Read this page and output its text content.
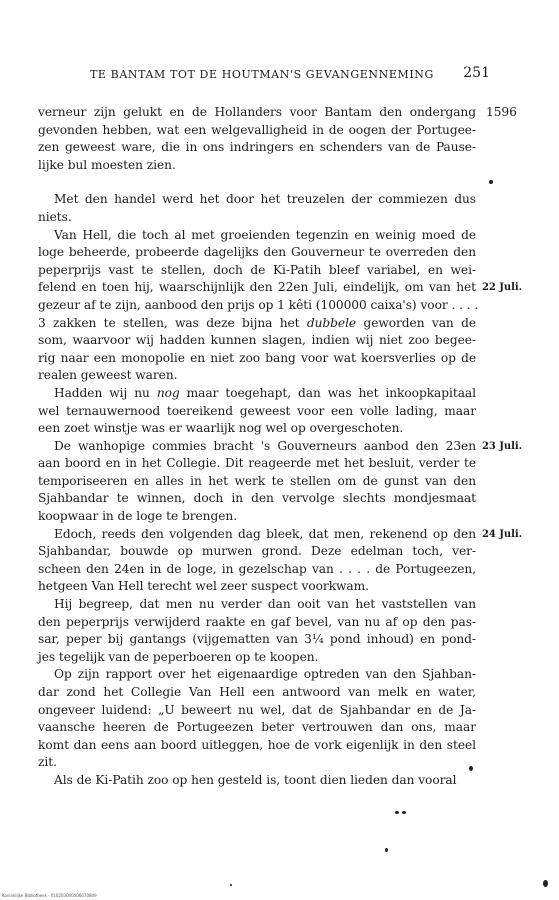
TE BANTAM TOT DE HOUTMAN'S GEVANGENNEMING 251
verneur zijn gelukt en de Hollanders voor Bantam den ondergang 1596
gevonden hebben, wat een welgevalligheid in de oogen der Portugee-
zen geweest ware, die in ons indringers en schenders van de Pause-
lijke bul moesten zien.
Met den handel werd het door het treuzelen der commiezen dus
niets.
Van Hell, die toch al met groeienden tegenzin en weinig moed de
loge beheerde, probeerde dagelijks den Gouverneur te overreden den
peperprijs vast te stellen, doch de Ki-Patih bleef variabel, en wei-
felend en toen hij, waarschijnlijk den 22en Juli, eindelijk, om van het 22 Juli.
gezeur af te zijn, aanbood den prijs op 1 kêti (100000 caixa's) voor . . . .
3 zakken te stellen, was deze bijna het dubbele geworden van de
som, waarvoor wij hadden kunnen slagen, indien wij niet zoo begee-
rig naar een monopolie en niet zoo bang voor wat koersverlies op de
realen geweest waren.
Hadden wij nu nog maar toegehapt, dan was het inkoopkapitaal
wel ternauwernood toereikend geweest voor een volle lading, maar
een zoet winstje was er waarlijk nog wel op overgeschoten.
De wanhopige commies bracht 's Gouverneurs aanbod den 23en 23 Juli.
aan boord en in het Collegie. Dit reageerde met het besluit, verder te
temporiseeren en alles in het werk te stellen om de gunst van den
Sjahbandar te winnen, doch in den vervolge slechts mondjesmaat
koopwaar in de loge te brengen.
Edoch, reeds den volgenden dag bleek, dat men, rekenend op den 24 Juli.
Sjahbandar, bouwde op murwen grond. Deze edelman toch, ver-
scheen den 24en in de loge, in gezelschap van . . . . de Portugeezen,
hetgeen Van Hell terecht wel zeer suspect voorkwam.
Hij begreep, dat men nu verder dan ooit van het vaststellen van
den peperprijs verwijderd raakte en gaf bevel, van nu af op den pas-
sar, peper bij gantangs (vijgematten van 3¼ pond inhoud) en pond-
jes tegelijk van de peperboeren op te koopen.
Op zijn rapport over het eigenaardige optreden van den Sjahban-
dar zond het Collegie Van Hell een antwoord van melk en water,
ongeveer luidend: „U beweert nu wel, dat de Sjahbandar en de Ja-
vaansche heeren de Portugeezen beter vertrouwen dan ons, maar
komt dan eens aan boord uitleggen, hoe de vork eigenlijk in den steel
zit.
Als de Ki-Patih zoo op hen gesteld is, toont dien lieden dan vooral
Koninklijke Bibliotheek · 010203040506070809
